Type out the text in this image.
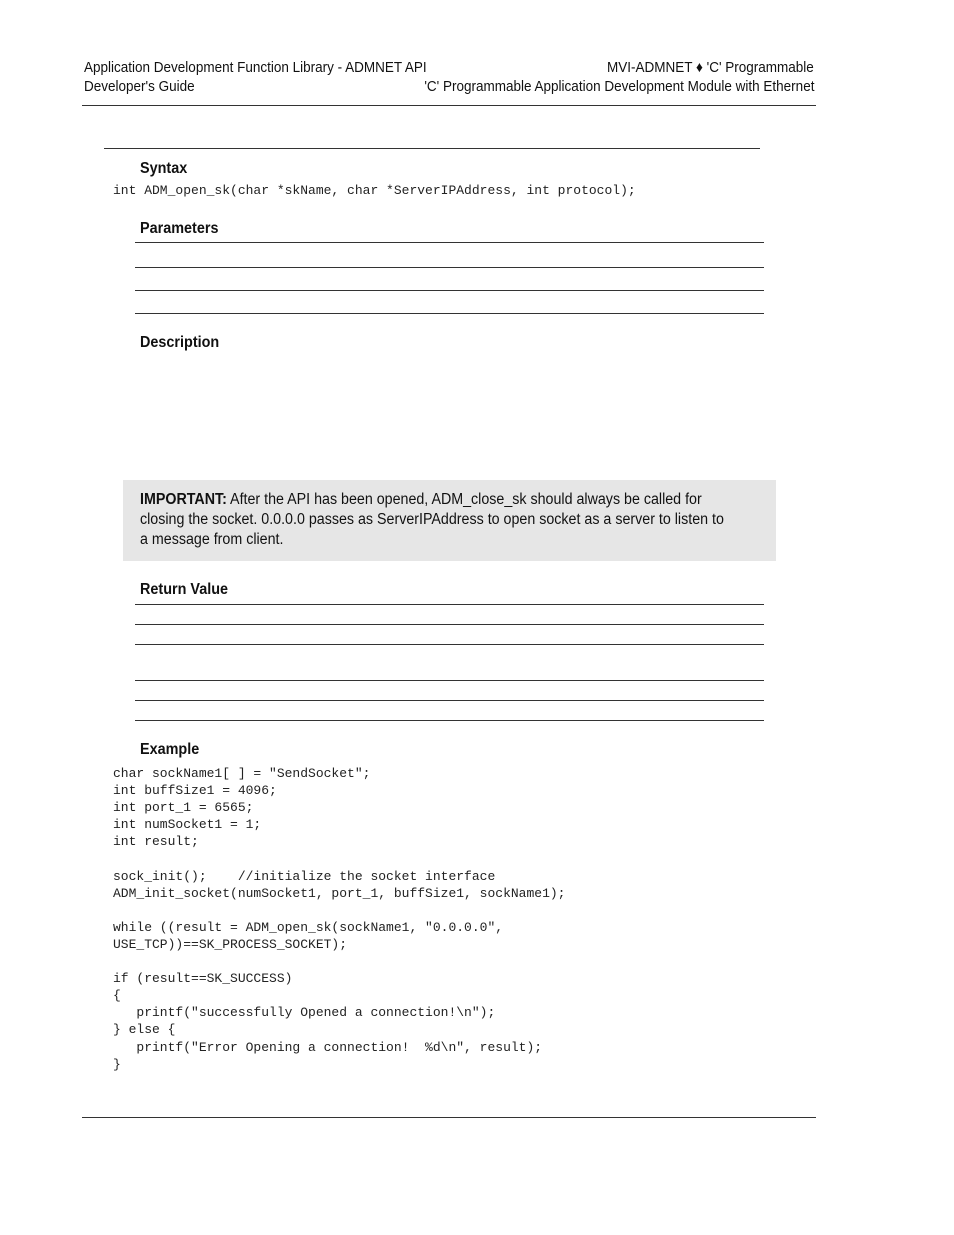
Application Development Function Library - ADMNET API
Developer's Guide
MVI-ADMNET ♦ 'C' Programmable
'C' Programmable Application Development Module with Ethernet
Syntax
int ADM_open_sk(char *skName, char *ServerIPAddress, int protocol);
Parameters
Description
IMPORTANT: After the API has been opened, ADM_close_sk should always be called for closing the socket. 0.0.0.0 passes as ServerIPAddress to open socket as a server to listen to a message from client.
Return Value
Example
char sockName1[ ] = "SendSocket";
int buffSize1 = 4096;
int port_1 = 6565;
int numSocket1 = 1;
int result;

sock_init();    //initialize the socket interface
ADM_init_socket(numSocket1, port_1, buffSize1, sockName1);

while ((result = ADM_open_sk(sockName1, "0.0.0.0",
USE_TCP))==SK_PROCESS_SOCKET);

if (result==SK_SUCCESS)
{
printf("successfully Opened a connection!\n");
} else {
printf("Error Opening a connection!  %d\n", result);
}
